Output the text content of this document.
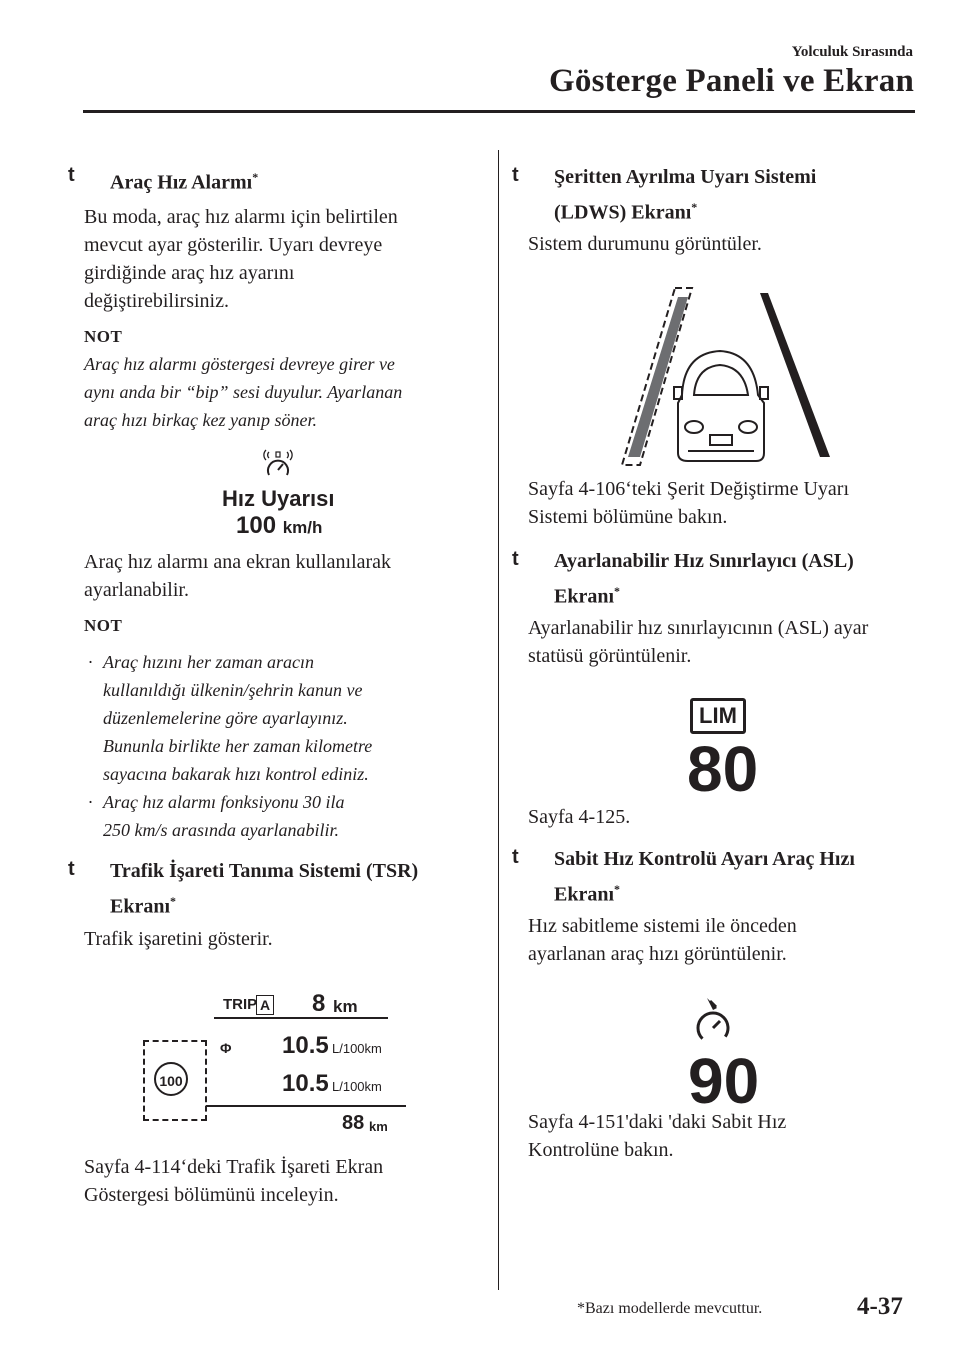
Yolculuk Sırasında
Gösterge Paneli ve Ekran
t Araç Hız Alarmı*
Bu moda, araç hız alarmı için belirtilen
mevcut ayar gösterilir. Uyarı devreye
girdiğinde araç hız ayarını
değiştirebilirsiniz.
NOT
Araç hız alarmı göstergesi devreye girer ve
aynı anda bir “bip” sesi duyulur. Ayarlanan
araç hızı birkaç kez yanıp söner.
Hız Uyarısı
100 km/h
Araç hız alarmı ana ekran kullanılarak
ayarlanabilir.
NOT
· Araç hızını her zaman aracın
kullanıldığı ülkenin/şehrin kanun ve
düzenlemelerine göre ayarlayınız.
Bununla birlikte her zaman kilometre
sayacına bakarak hızı kontrol ediniz.
· Araç hız alarmı fonksiyonu 30 ila
250 km/s arasında ayarlanabilir.
t Trafik İşareti Tanıma Sistemi (TSR)
Ekranı*
Trafik işaretini gösterir.
TRIP A 8 km
100
Φ 10.5 L/100km
10.5 L/100km
88 km
Sayfa 4-114‘deki Trafik İşareti Ekran
Göstergesi bölümünü inceleyin.
t Şeritten Ayrılma Uyarı Sistemi
(LDWS) Ekranı*
Sistem durumunu görüntüler.
Sayfa 4-106‘teki Şerit Değiştirme Uyarı
Sistemi bölümüne bakın.
t Ayarlanabilir Hız Sınırlayıcı (ASL)
Ekranı*
Ayarlanabilir hız sınırlayıcının (ASL) ayar
statüsü görüntülenir.
LIM
80
Sayfa 4-125.
t Sabit Hız Kontrolü Ayarı Araç Hızı
Ekranı*
Hız sabitleme sistemi ile önceden
ayarlanan araç hızı görüntülenir.
90
Sayfa 4-151'daki 'daki Sabit Hız
Kontrolüne bakın.
*Bazı modellerde mevcuttur.	4-37
